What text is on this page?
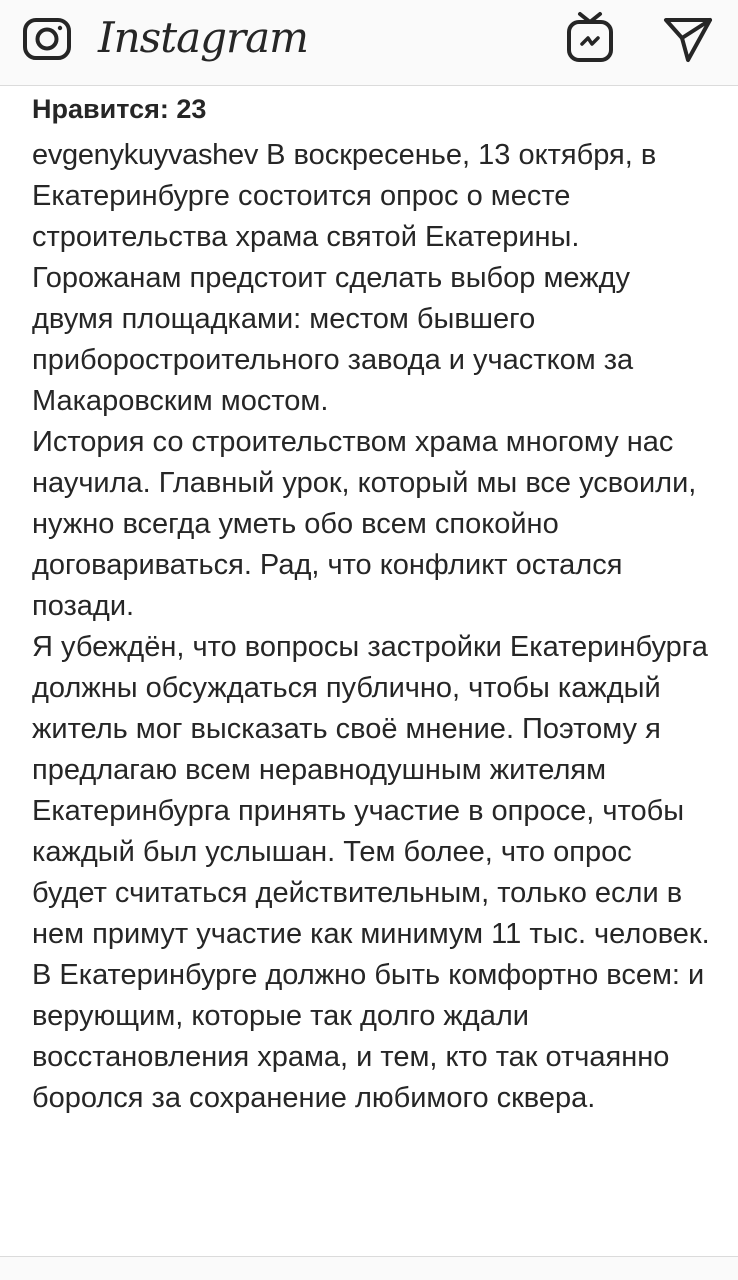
Instagram
Нравится: 23

evgenykuyvashev В воскресенье, 13 октября, в Екатеринбурге состоится опрос о месте строительства храма святой Екатерины. Горожанам предстоит сделать выбор между двумя площадками: местом бывшего приборостроительного завода и участком за Макаровским мостом.

История со строительством храма многому нас научила. Главный урок, который мы все усвоили, нужно всегда уметь обо всем спокойно договариваться. Рад, что конфликт остался позади.

Я убеждён, что вопросы застройки Екатеринбурга должны обсуждаться публично, чтобы каждый житель мог высказать своё мнение. Поэтому я предлагаю всем неравнодушным жителям Екатеринбурга принять участие в опросе, чтобы каждый был услышан. Тем более, что опрос будет считаться действительным, только если в нем примут участие как минимум 11 тыс. человек.

В Екатеринбурге должно быть комфортно всем: и верующим, которые так долго ждали восстановления храма, и тем, кто так отчаянно боролся за сохранение любимого сквера.
